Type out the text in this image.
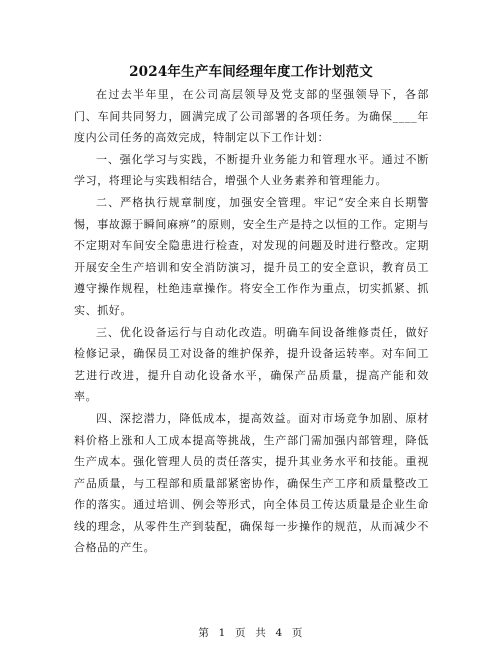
2024年生产车间经理年度工作计划范文

在过去半年里，在公司高层领导及党支部的坚强领导下，各部门、车间共同努力，圆满完成了公司部署的各项任务。为确保____年度内公司任务的高效完成，特制定以下工作计划：

一、强化学习与实践，不断提升业务能力和管理水平。通过不断学习，将理论与实践相结合，增强个人业务素养和管理能力。

二、严格执行规章制度，加强安全管理。牢记“安全来自长期警惕，事故源于瞬间麻痹”的原则，安全生产是持之以恒的工作。定期与不定期对车间安全隐患进行检查，对发现的问题及时进行整改。定期开展安全生产培训和安全消防演习，提升员工的安全意识，教育员工遵守操作规程，杜绝违章操作。将安全工作作为重点，切实抓紧、抓实、抓好。

三、优化设备运行与自动化改造。明确车间设备维修责任，做好检修记录，确保员工对设备的维护保养，提升设备运转率。对车间工艺进行改进，提升自动化设备水平，确保产品质量，提高产能和效率。

四、深挖潜力，降低成本，提高效益。面对市场竞争加剧、原材料价格上涨和人工成本提高等挑战，生产部门需加强内部管理，降低生产成本。强化管理人员的责任落实，提升其业务水平和技能。重视产品质量，与工程部和质量部紧密协作，确保生产工序和质量整改工作的落实。通过培训、例会等形式，向全体员工传达质量是企业生命线的理念，从零件生产到装配，确保每一步操作的规范，从而减少不合格品的产生。

第 1 页 共 4 页
